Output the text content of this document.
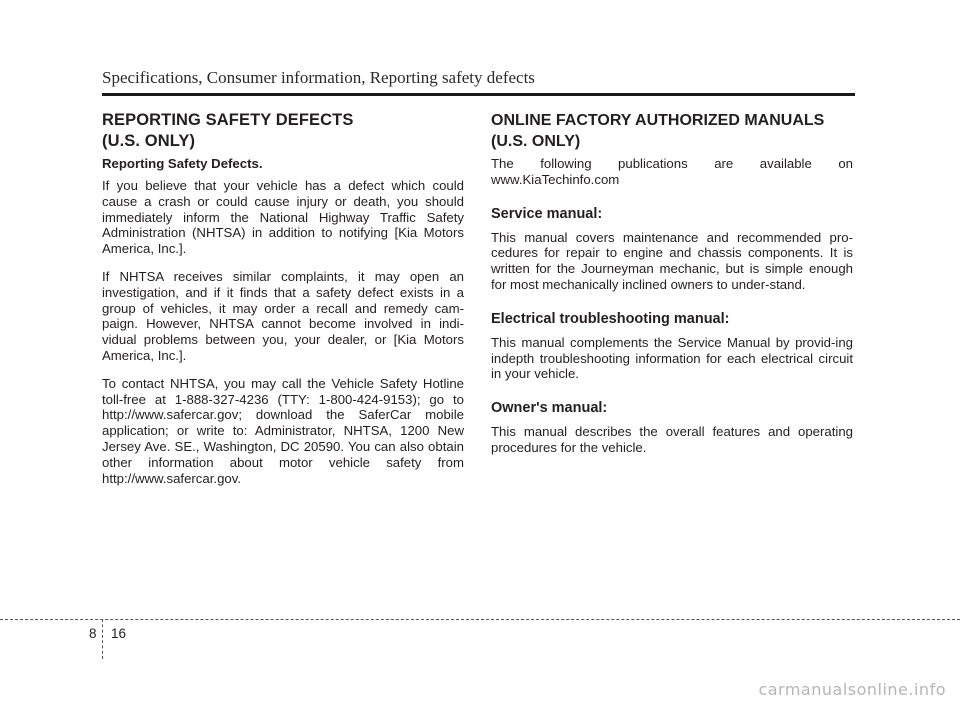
Specifications, Consumer information, Reporting safety defects
REPORTING SAFETY DEFECTS
(U.S. ONLY)
Reporting Safety Defects.

If you believe that your vehicle has a defect which could cause a crash or could cause injury or death, you should immediately inform the National Highway Traffic Safety Administration (NHTSA) in addition to notifying [Kia Motors America, Inc.].

If NHTSA receives similar complaints, it may open an investigation, and if it finds that a safety defect exists in a group of vehicles, it may order a recall and remedy cam-paign. However, NHTSA cannot become involved in indi-vidual problems between you, your dealer, or [Kia Motors America, Inc.].

To contact NHTSA, you may call the Vehicle Safety Hotline toll-free at 1-888-327-4236 (TTY: 1-800-424-9153); go to http://www.safercar.gov; download the SaferCar mobile application; or write to: Administrator, NHTSA, 1200 New Jersey Ave. SE., Washington, DC 20590. You can also obtain other information about motor vehicle safety from http://www.safercar.gov.

ONLINE FACTORY AUTHORIZED MANUALS
(U.S. ONLY)

The following publications are available on www.KiaTechinfo.com

Service manual:

This manual covers maintenance and recommended pro-cedures for repair to engine and chassis components. It is written for the Journeyman mechanic, but is simple enough for most mechanically inclined owners to under-stand.

Electrical troubleshooting manual:

This manual complements the Service Manual by provid-ing indepth troubleshooting information for each electrical circuit in your vehicle.

Owner's manual:

This manual describes the overall features and operating procedures for the vehicle.

8 16
carmanualsonline.info
